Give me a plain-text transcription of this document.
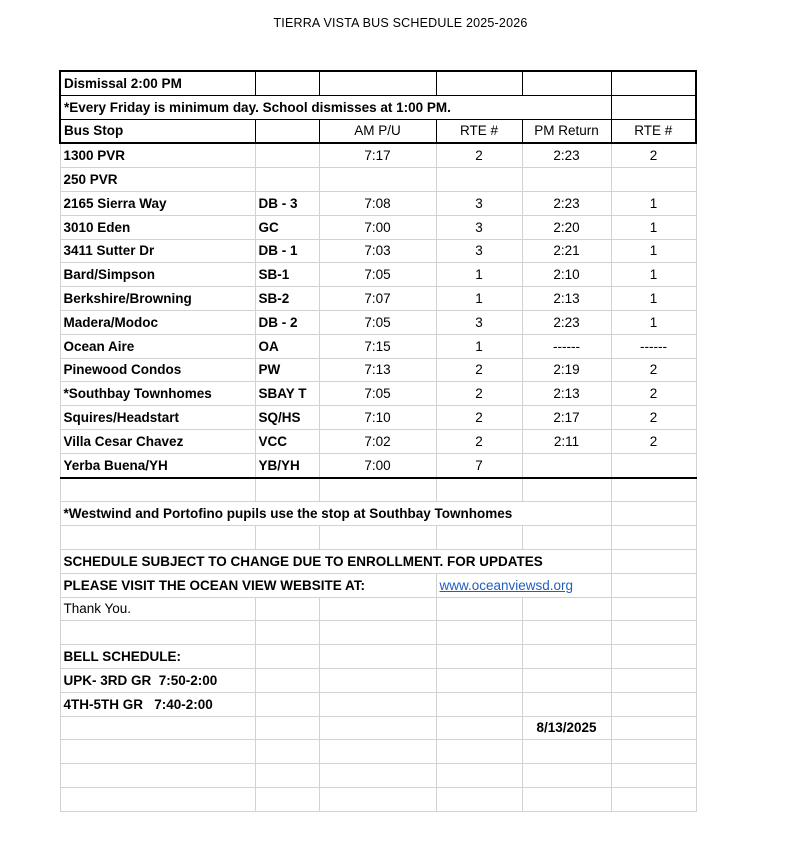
TIERRA VISTA BUS SCHEDULE 2025-2026
Dismissal 2:00 PM					
*Every Friday is minimum day. School dismisses at 1:00 PM.					
Bus Stop		AM P/U	RTE #	PM Return	RTE #
1300 PVR		7:17	2	2:23	2
250 PVR					
2165 Sierra Way	DB - 3	7:08	3	2:23	1
3010 Eden	GC	7:00	3	2:20	1
3411 Sutter Dr	DB - 1	7:03	3	2:21	1
Bard/Simpson	SB-1	7:05	1	2:10	1
Berkshire/Browning	SB-2	7:07	1	2:13	1
Madera/Modoc	DB - 2	7:05	3	2:23	1
Ocean Aire	OA	7:15	1	------	------
Pinewood Condos	PW	7:13	2	2:19	2
*Southbay Townhomes	SBAY T	7:05	2	2:13	2
Squires/Headstart	SQ/HS	7:10	2	2:17	2
Villa Cesar Chavez	VCC	7:02	2	2:11	2
Yerba Buena/YH	YB/YH	7:00	7		

*Westwind and Portofino pupils use the stop at Southbay Townhomes					

SCHEDULE SUBJECT TO CHANGE DUE TO ENROLLMENT. FOR UPDATES					
PLEASE VISIT THE OCEAN VIEW WEBSITE AT:			www.oceanviewsd.org		
Thank You.					

BELL SCHEDULE:					
UPK- 3RD GR  7:50-2:00					
4TH-5TH GR   7:40-2:00					
				8/13/2025	
